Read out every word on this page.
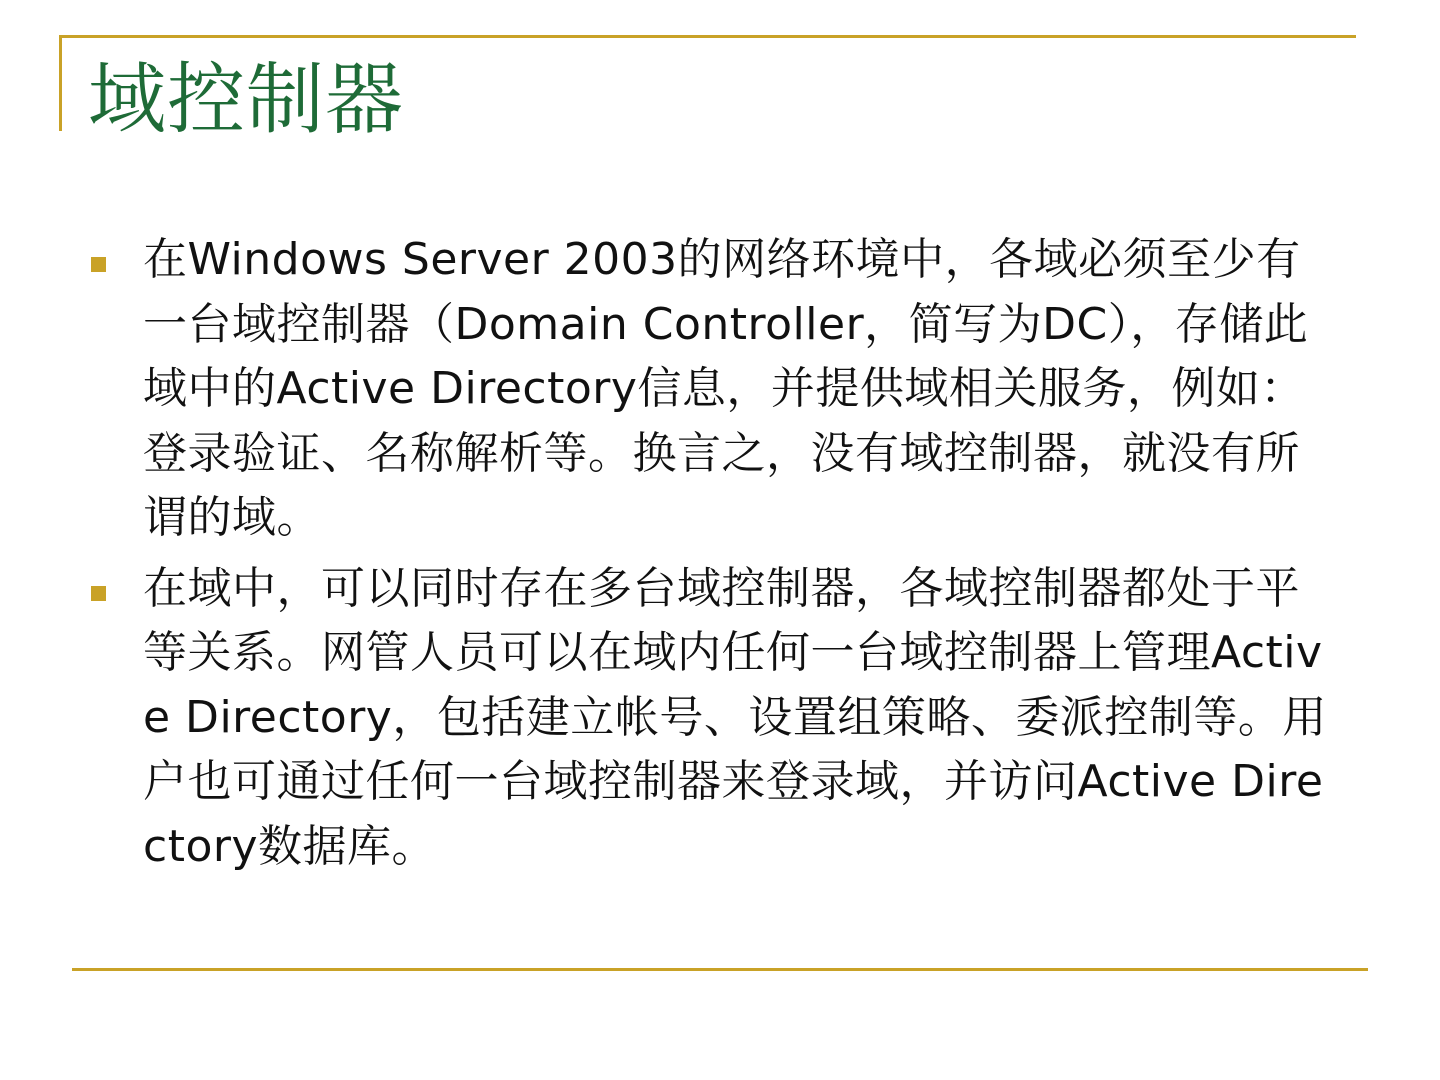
域控制器
在Windows Server 2003的网络环境中，各域必须至少有一台域控制器（Domain Controller，简写为DC），存储此域中的Active Directory信息，并提供域相关服务，例如：登录验证、名称解析等。换言之，没有域控制器，就没有所谓的域。
在域中，可以同时存在多台域控制器，各域控制器都处于平等关系。网管人员可以在域内任何一台域控制器上管理Active Directory，包括建立帐号、设置组策略、委派控制等。用户也可通过任何一台域控制器来登录域，并访问Active Directory数据库。
